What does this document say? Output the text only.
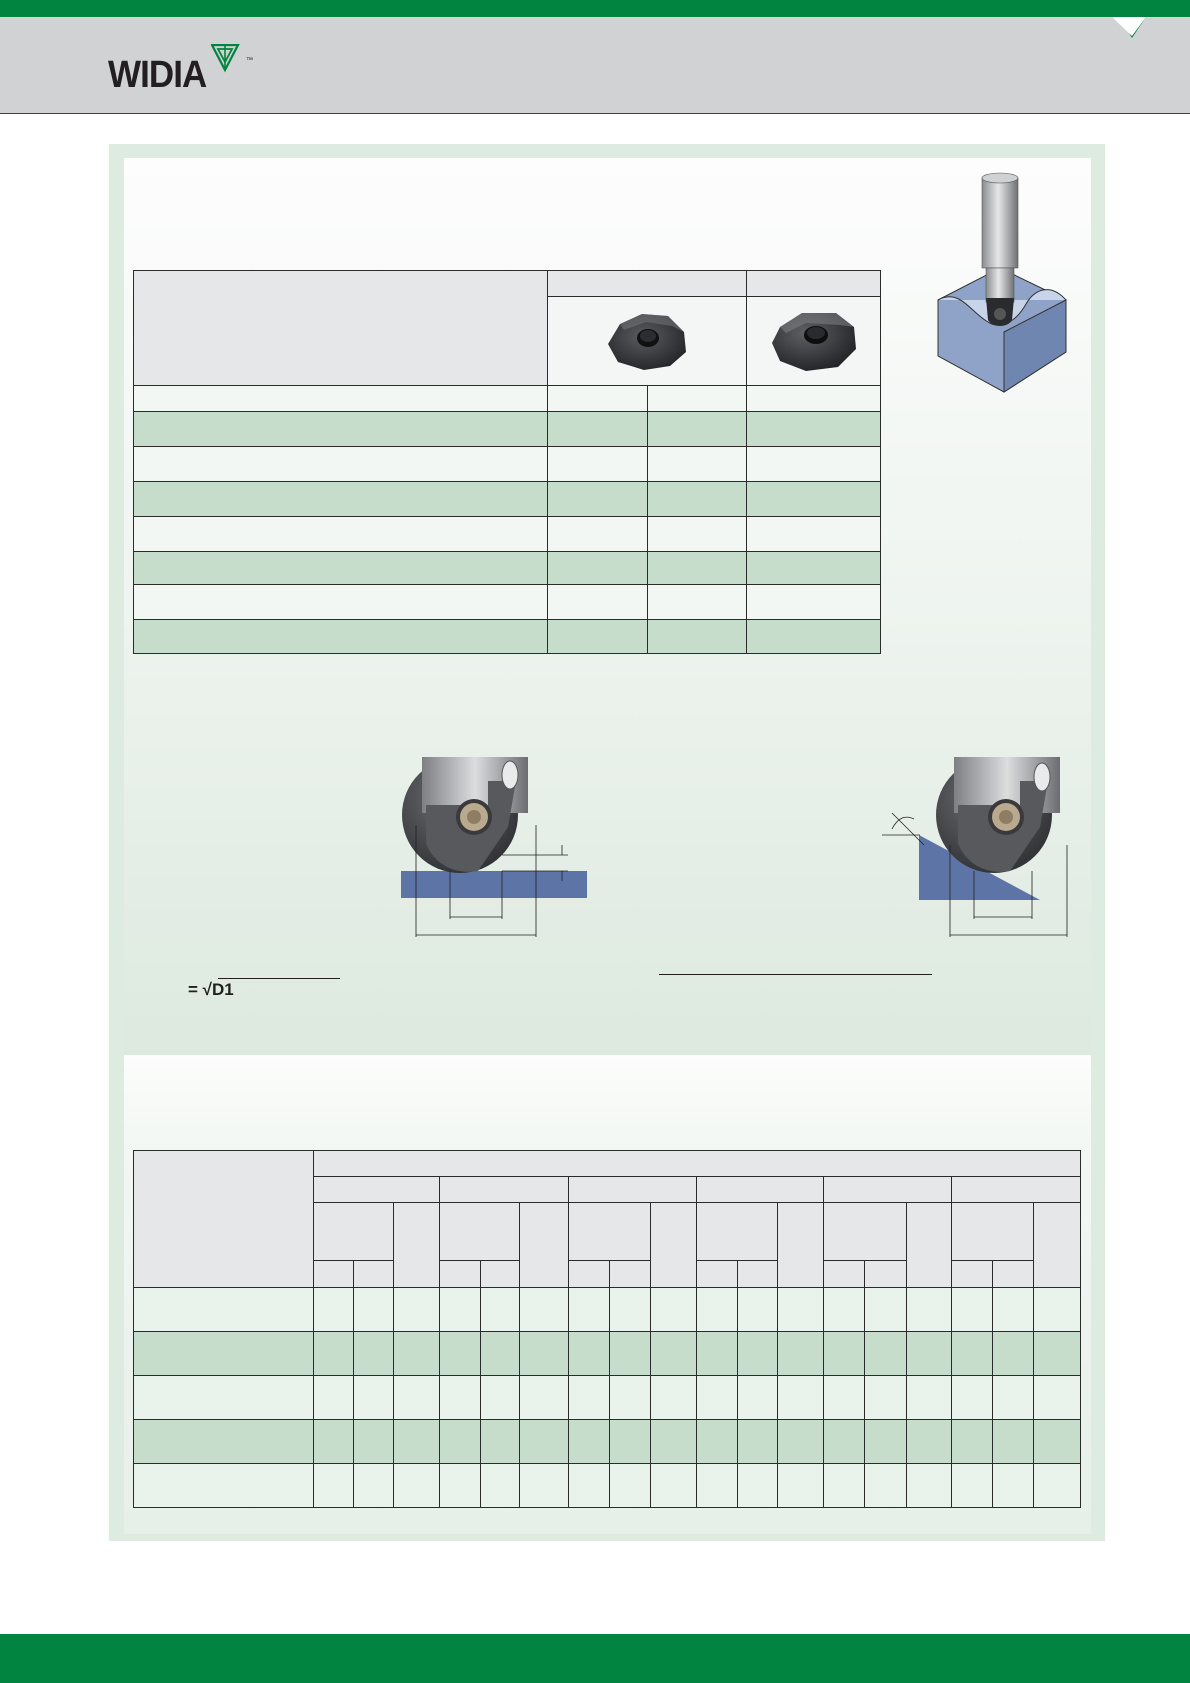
WIDIA	™

= √D1
